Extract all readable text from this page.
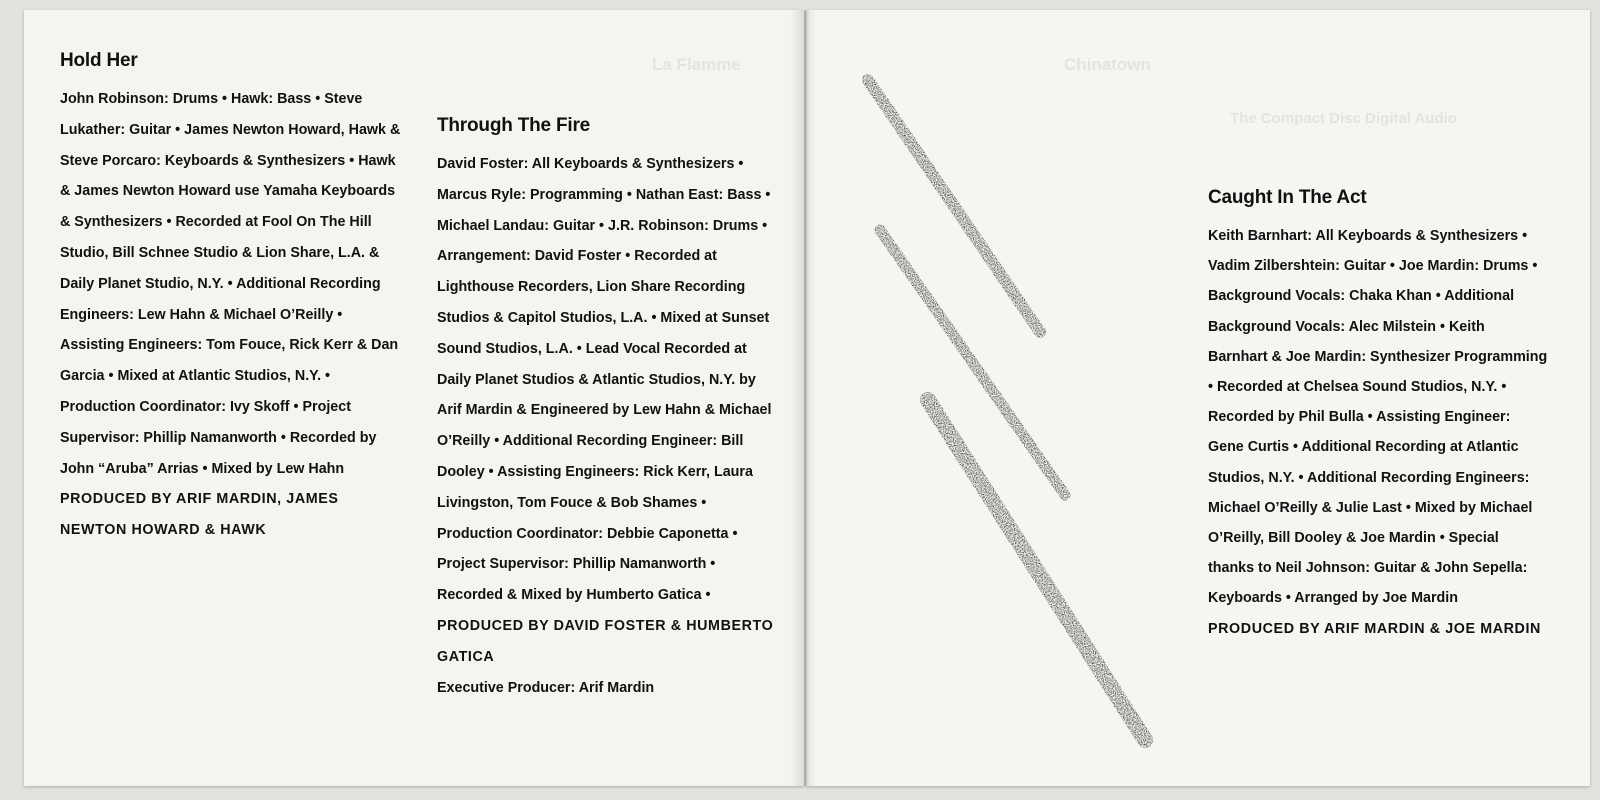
Hold Her

John Robinson: Drums • Hawk: Bass • Steve Lukather: Guitar • James Newton Howard, Hawk & Steve Porcaro: Keyboards & Synthesizers • Hawk & James Newton Howard use Yamaha Keyboards & Synthesizers • Recorded at Fool On The Hill Studio, Bill Schnee Studio & Lion Share, L.A. & Daily Planet Studio, N.Y. • Additional Recording Engineers: Lew Hahn & Michael O’Reilly • Assisting Engineers: Tom Fouce, Rick Kerr & Dan Garcia • Mixed at Atlantic Studios, N.Y. • Production Coordinator: Ivy Skoff • Project Supervisor: Phillip Namanworth • Recorded by John “Aruba” Arrias • Mixed by Lew Hahn

PRODUCED BY ARIF MARDIN, JAMES NEWTON HOWARD & HAWK
Through The Fire

David Foster: All Keyboards & Synthesizers • Marcus Ryle: Programming • Nathan East: Bass • Michael Landau: Guitar • J.R. Robinson: Drums • Arrangement: David Foster • Recorded at Lighthouse Recorders, Lion Share Recording Studios & Capitol Studios, L.A. • Mixed at Sunset Sound Studios, L.A. • Lead Vocal Recorded at Daily Planet Studios & Atlantic Studios, N.Y. by Arif Mardin & Engineered by Lew Hahn & Michael O’Reilly • Additional Recording Engineer: Bill Dooley • Assisting Engineers: Rick Kerr, Laura Livingston, Tom Fouce & Bob Shames • Production Coordinator: Debbie Caponetta • Project Supervisor: Phillip Namanworth • Recorded & Mixed by Humberto Gatica •

PRODUCED BY DAVID FOSTER & HUMBERTO GATICA
Executive Producer: Arif Mardin
Caught In The Act

Keith Barnhart: All Keyboards & Synthesizers • Vadim Zilbershtein: Guitar • Joe Mardin: Drums • Background Vocals: Chaka Khan • Additional Background Vocals: Alec Milstein • Keith Barnhart & Joe Mardin: Synthesizer Programming • Recorded at Chelsea Sound Studios, N.Y. • Recorded by Phil Bulla • Assisting Engineer: Gene Curtis • Additional Recording at Atlantic Studios, N.Y. • Additional Recording Engineers: Michael O’Reilly & Julie Last • Mixed by Michael O’Reilly, Bill Dooley & Joe Mardin • Special thanks to Neil Johnson: Guitar & John Sepella: Keyboards • Arranged by Joe Mardin

PRODUCED BY ARIF MARDIN & JOE MARDIN
